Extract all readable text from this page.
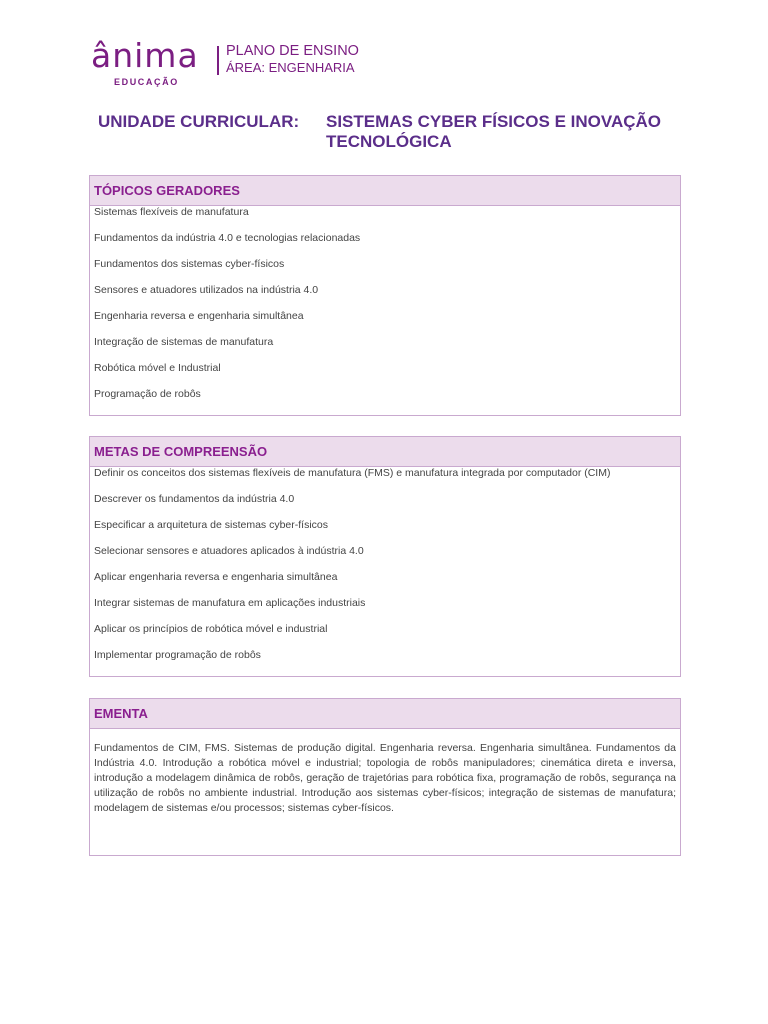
ânima
EDUCAÇÃO
PLANO DE ENSINO
ÁREA: ENGENHARIA
UNIDADE CURRICULAR: SISTEMAS CYBER FÍSICOS E INOVAÇÃO TECNOLÓGICA
TÓPICOS GERADORES
Sistemas flexíveis de manufatura
Fundamentos da indústria 4.0 e tecnologias relacionadas
Fundamentos dos sistemas cyber-físicos
Sensores e atuadores utilizados na indústria 4.0
Engenharia reversa e engenharia simultânea
Integração de sistemas de manufatura
Robótica móvel e Industrial
Programação de robôs
METAS DE COMPREENSÃO
Definir os conceitos dos sistemas flexíveis de manufatura (FMS) e manufatura integrada por computador (CIM)
Descrever os fundamentos da indústria 4.0
Especificar a arquitetura de sistemas cyber-físicos
Selecionar sensores e atuadores aplicados à indústria 4.0
Aplicar engenharia reversa e engenharia simultânea
Integrar sistemas de manufatura em aplicações industriais
Aplicar os princípios de robótica móvel e industrial
Implementar programação de robôs
EMENTA
Fundamentos de CIM, FMS. Sistemas de produção digital. Engenharia reversa. Engenharia simultânea. Fundamentos da Indústria 4.0. Introdução a robótica móvel e industrial; topologia de robôs manipuladores; cinemática direta e inversa, introdução a modelagem dinâmica de robôs, geração de trajetórias para robótica fixa, programação de robôs, segurança na utilização de robôs no ambiente industrial. Introdução aos sistemas cyber-físicos; integração de sistemas de manufatura; modelagem de sistemas e/ou processos; sistemas cyber-físicos.
